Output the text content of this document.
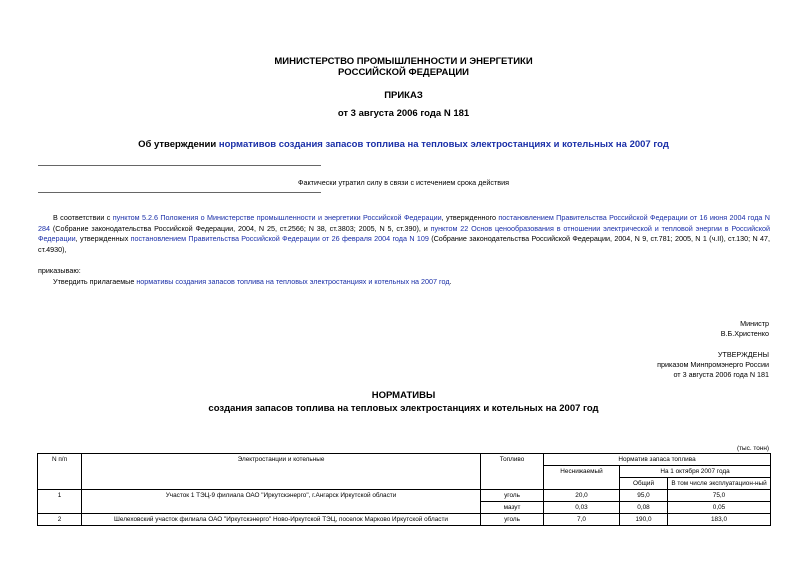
МИНИСТЕРСТВО ПРОМЫШЛЕННОСТИ И ЭНЕРГЕТИКИ
РОССИЙСКОЙ ФЕДЕРАЦИИ
ПРИКАЗ
от 3 августа 2006 года N 181
Об утверждении нормативов создания запасов топлива на тепловых электростанциях и котельных на 2007 год
Фактически утратил силу в связи с истечением срока действия
В соответствии с пунктом 5.2.6 Положения о Министерстве промышленности и энергетики Российской Федерации, утвержденного постановлением Правительства Российской Федерации от 16 июня 2004 года N 284 (Собрание законодательства Российской Федерации, 2004, N 25, ст.2566; N 38, ст.3803; 2005, N 5, ст.390), и пунктом 22 Основ ценообразования в отношении электрической и тепловой энергии в Российской Федерации, утвержденных постановлением Правительства Российской Федерации от 26 февраля 2004 года N 109 (Собрание законодательства Российской Федерации, 2004, N 9, ст.781; 2005, N 1 (ч.II), ст.130; N 47, ст.4930),
приказываю:
Утвердить прилагаемые нормативы создания запасов топлива на тепловых электростанциях и котельных на 2007 год.
Министр
В.Б.Христенко
УТВЕРЖДЕНЫ
приказом Минпромэнерго России
от 3 августа 2006 года N 181
НОРМАТИВЫ
создания запасов топлива на тепловых электростанциях и котельных на 2007 год
(тыс. тонн)
N п/п	Электростанции и котельные	Топливо	Норматив запаса топлива		
			Неснижаемый	На 1 октября 2007 года	
				Общий	В том числе эксплуатацион-ный
1	Участок 1 ТЭЦ-9 филиала ОАО "Иркутскэнерго", г.Ангарск Иркутской области	уголь	20,0	95,0	75,0
		мазут	0,03	0,08	0,05
2	Шелеховский участок филиала ОАО "Иркутскэнерго" Ново-Иркутской ТЭЦ, поселок Марково Иркутской области	уголь	7,0	190,0	183,0
